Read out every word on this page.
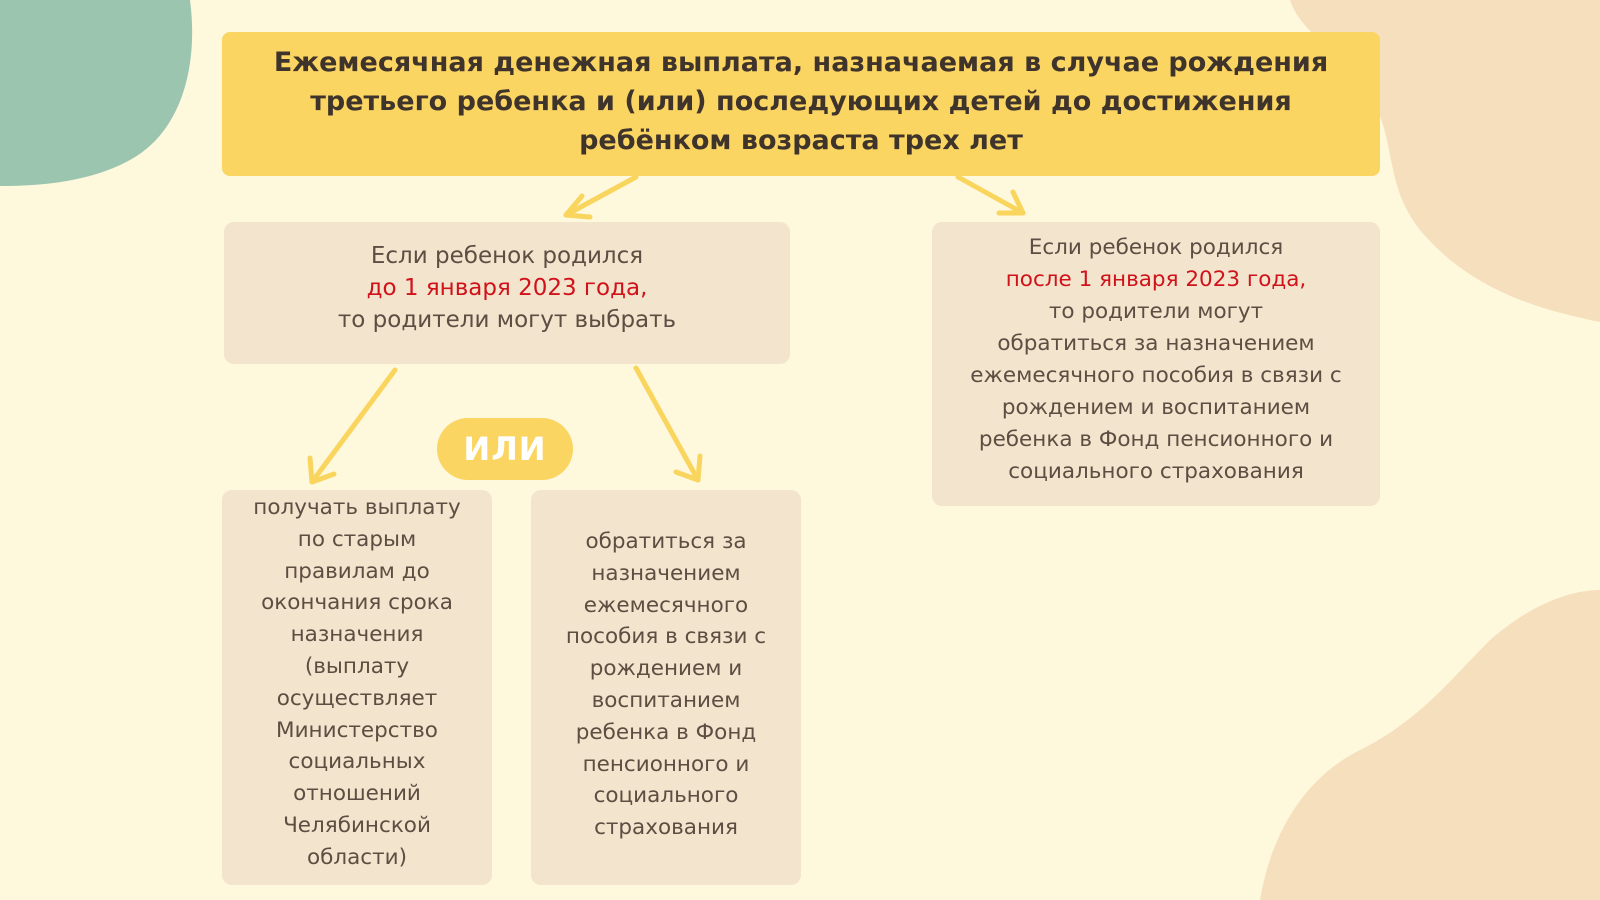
Ежемесячная денежная выплата, назначаемая в случае рождения
третьего ребенка и (или) последующих детей до достижения
ребёнком возраста трех лет
Если ребенок родился
до 1 января 2023 года,
то родители могут выбрать
Если ребенок родился
после 1 января 2023 года,
то родители могут
обратиться за назначением
ежемесячного пособия в связи с
рождением и воспитанием
ребенка в Фонд пенсионного и
социального страхования
ИЛИ
получать выплату
по старым
правилам до
окончания срока
назначения
(выплату
осуществляет
Министерство
социальных
отношений
Челябинской
области)
обратиться за
назначением
ежемесячного
пособия в связи с
рождением и
воспитанием
ребенка в Фонд
пенсионного и
социального
страхования
